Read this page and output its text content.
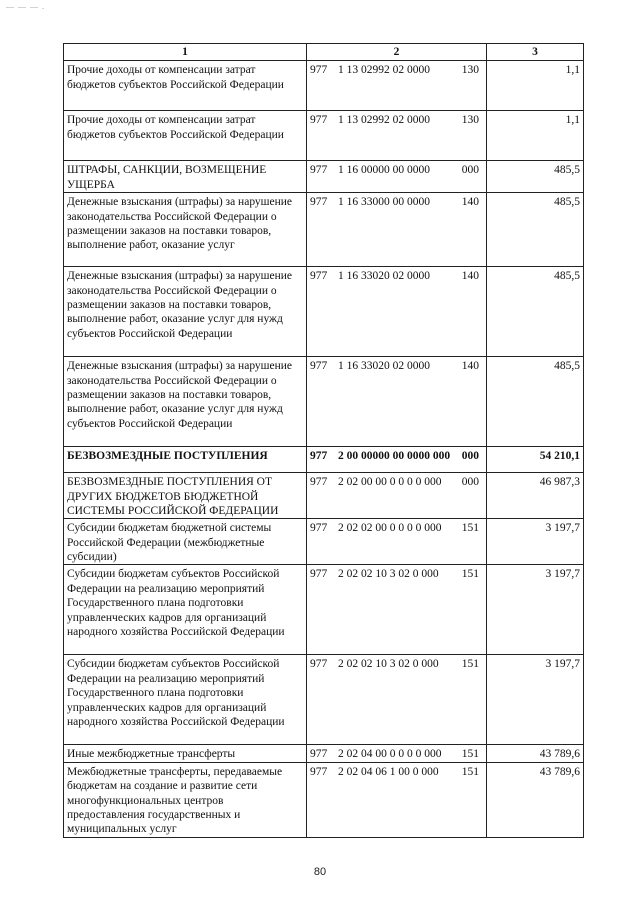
— — — .
1	2	3
Прочие доходы от компенсации затрат бюджетов субъектов Российской Федерации	977 1 13 02992 02 0000 130	1,1
Прочие доходы от компенсации затрат бюджетов субъектов Российской Федерации	977 1 13 02992 02 0000 130	1,1
ШТРАФЫ, САНКЦИИ, ВОЗМЕЩЕНИЕ УЩЕРБА	977 1 16 00000 00 0000 000	485,5
Денежные взыскания (штрафы) за нарушение законодательства Российской Федерации о размещении заказов на поставки товаров, выполнение работ, оказание услуг	977 1 16 33000 00 0000 140	485,5
Денежные взыскания (штрафы) за нарушение законодательства Российской Федерации о размещении заказов на поставки товаров, выполнение работ, оказание услуг для нужд субъектов Российской Федерации	977 1 16 33020 02 0000 140	485,5
Денежные взыскания (штрафы) за нарушение законодательства Российской Федерации о размещении заказов на поставки товаров, выполнение работ, оказание услуг для нужд субъектов Российской Федерации	977 1 16 33020 02 0000 140	485,5
БЕЗВОЗМЕЗДНЫЕ ПОСТУПЛЕНИЯ	977 2 00 00000 00 0000 000 000	54 210,1
БЕЗВОЗМЕЗДНЫЕ ПОСТУПЛЕНИЯ ОТ ДРУГИХ БЮДЖЕТОВ БЮДЖЕТНОЙ СИСТЕМЫ РОССИЙСКОЙ ФЕДЕРАЦИИ	977 2 02 00 00 0 0 0 0 000 000	46 987,3
Субсидии бюджетам бюджетной системы Российской Федерации (межбюджетные субсидии)	977 2 02 02 00 0 0 0 0 000 151	3 197,7
Субсидии бюджетам субъектов Российской Федерации на реализацию мероприятий Государственного плана подготовки управленческих кадров для организаций народного хозяйства Российской Федерации	977 2 02 02 10 3 02 0 000 151	3 197,7
Субсидии бюджетам субъектов Российской Федерации на реализацию мероприятий Государственного плана подготовки управленческих кадров для организаций народного хозяйства Российской Федерации	977 2 02 02 10 3 02 0 000 151	3 197,7
Иные межбюджетные трансферты	977 2 02 04 00 0 0 0 0 000 151	43 789,6
Межбюджетные трансферты, передаваемые бюджетам на создание и развитие сети многофункциональных центров предоставления государственных и муниципальных услуг	977 2 02 04 06 1 00 0 000 151	43 789,6
80
